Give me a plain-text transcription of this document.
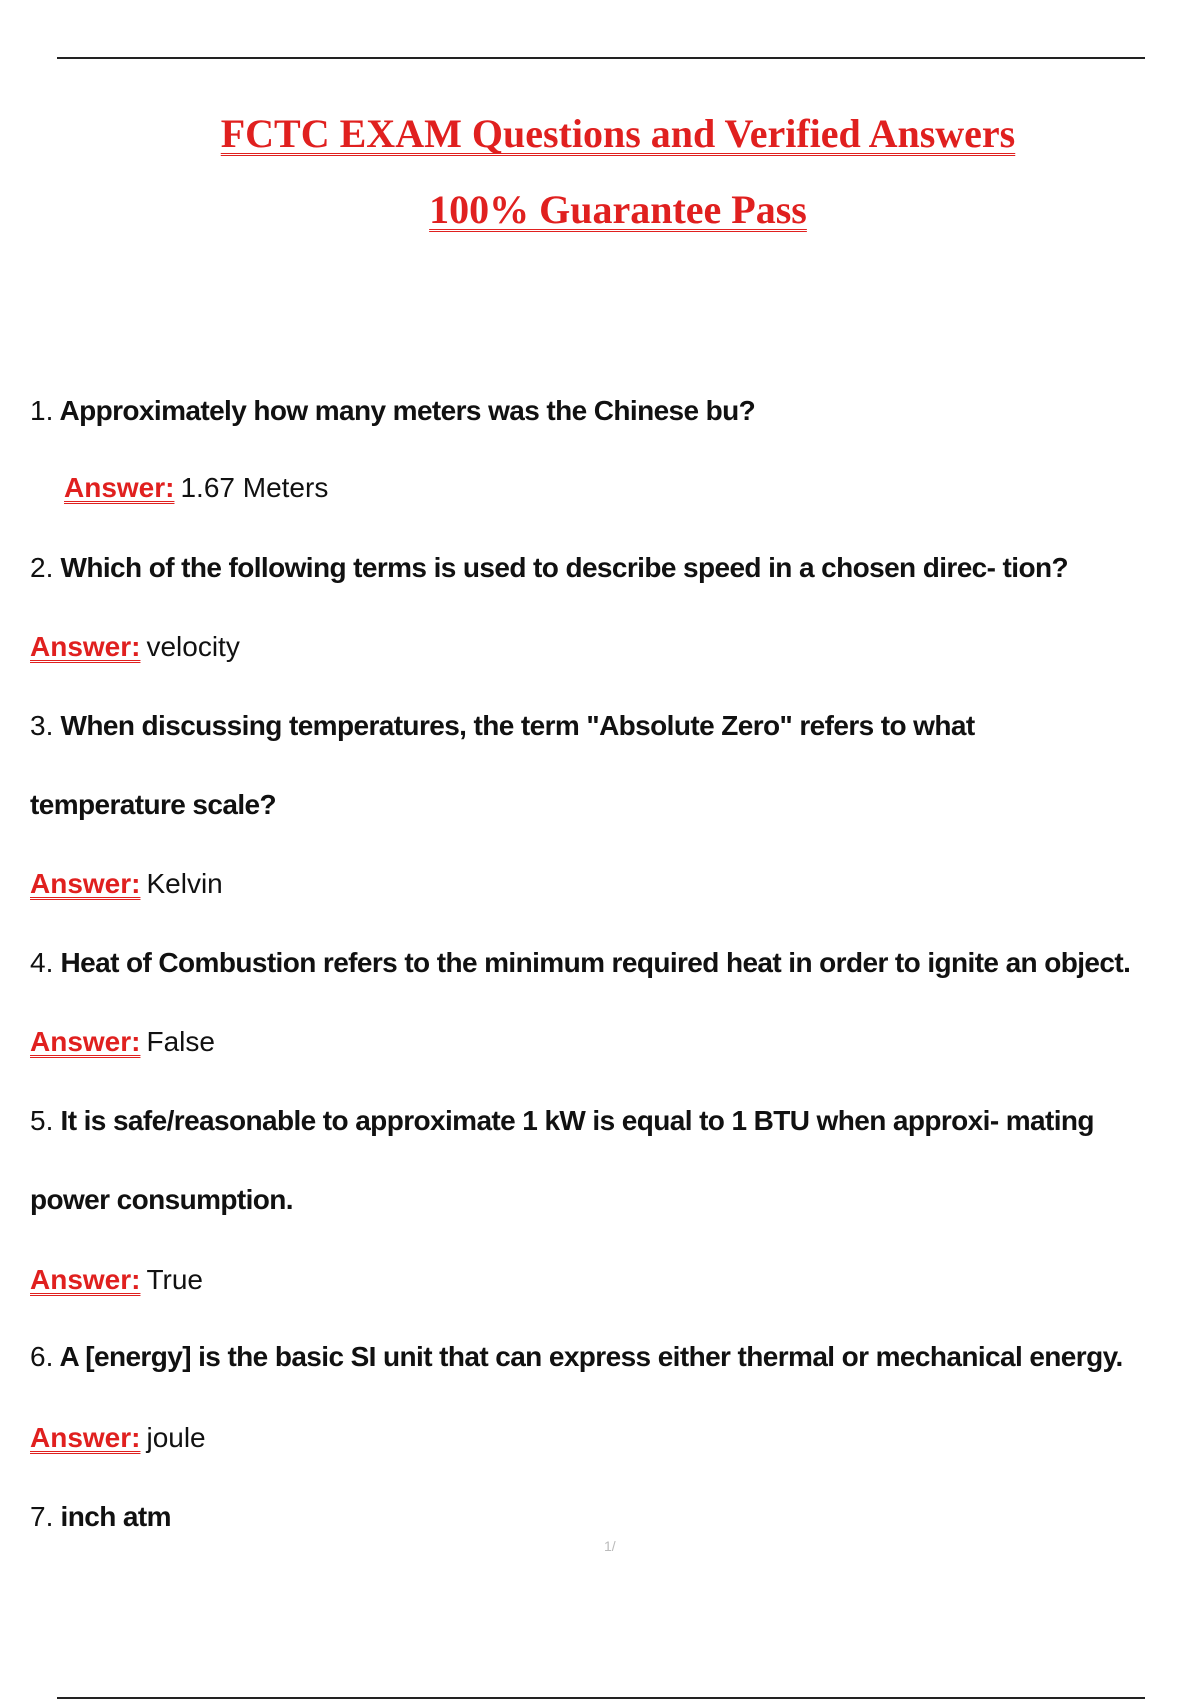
FCTC EXAM Questions and Verified Answers
100% Guarantee Pass
1. Approximately how many meters was the Chinese bu?
Answer: 1.67 Meters
2. Which of the following terms is used to describe speed in a chosen direc- tion?
Answer: velocity
3. When discussing temperatures, the term "Absolute Zero" refers to what
temperature scale?
Answer: Kelvin
4. Heat of Combustion refers to the minimum required heat in order to ignite an object.
Answer: False
5. It is safe/reasonable to approximate 1 kW is equal to 1 BTU when approxi- mating
power consumption.
Answer: True
6. A [energy] is the basic SI unit that can express either thermal or mechanical energy.
Answer: joule
7. inch atm
1/
